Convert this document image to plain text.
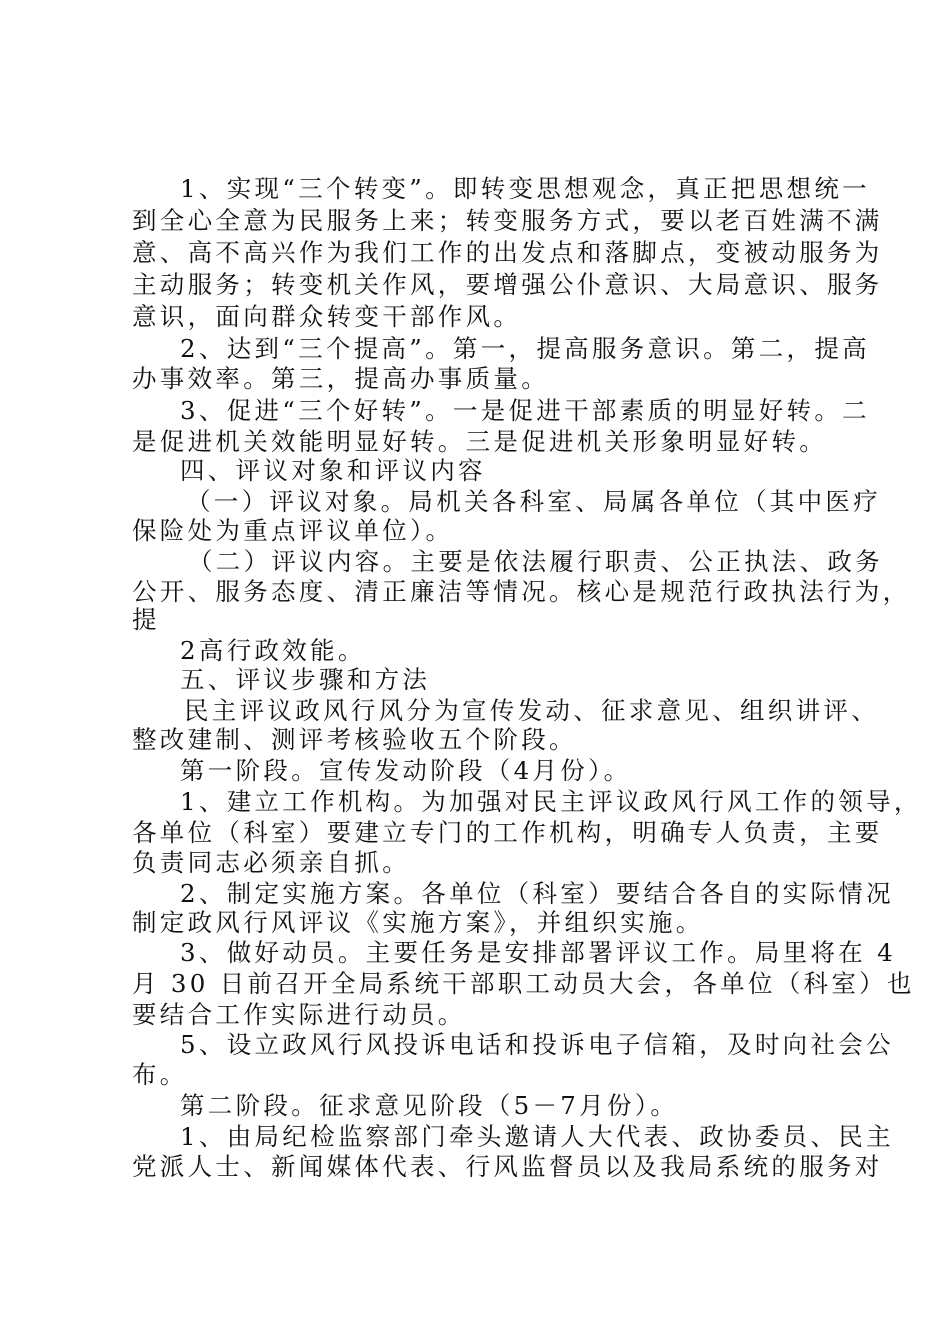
1、实现“三个转变”。即转变思想观念，真正把思想统一
到全心全意为民服务上来；转变服务方式，要以老百姓满不满
意、高不高兴作为我们工作的出发点和落脚点，变被动服务为
主动服务；转变机关作风，要增强公仆意识、大局意识、服务
意识，面向群众转变干部作风。
2、达到“三个提高”。第一，提高服务意识。第二，提高
办事效率。第三，提高办事质量。
3、促进“三个好转”。一是促进干部素质的明显好转。二
是促进机关效能明显好转。三是促进机关形象明显好转。
四、评议对象和评议内容
（一）评议对象。局机关各科室、局属各单位（其中医疗
保险处为重点评议单位）。
（二）评议内容。主要是依法履行职责、公正执法、政务
公开、服务态度、清正廉洁等情况。核心是规范行政执法行为，
提
2高行政效能。
五、评议步骤和方法
民主评议政风行风分为宣传发动、征求意见、组织讲评、
整改建制、测评考核验收五个阶段。
第一阶段。宣传发动阶段（4月份）。
1、建立工作机构。为加强对民主评议政风行风工作的领导，
各单位（科室）要建立专门的工作机构，明确专人负责，主要
负责同志必须亲自抓。
2、制定实施方案。各单位（科室）要结合各自的实际情况
制定政风行风评议《实施方案》，并组织实施。
3、做好动员。主要任务是安排部署评议工作。局里将在 4
月 30 日前召开全局系统干部职工动员大会，各单位（科室）也
要结合工作实际进行动员。
5、设立政风行风投诉电话和投诉电子信箱，及时向社会公
布。
第二阶段。征求意见阶段（5－7月份）。
1、由局纪检监察部门牵头邀请人大代表、政协委员、民主
党派人士、新闻媒体代表、行风监督员以及我局系统的服务对
